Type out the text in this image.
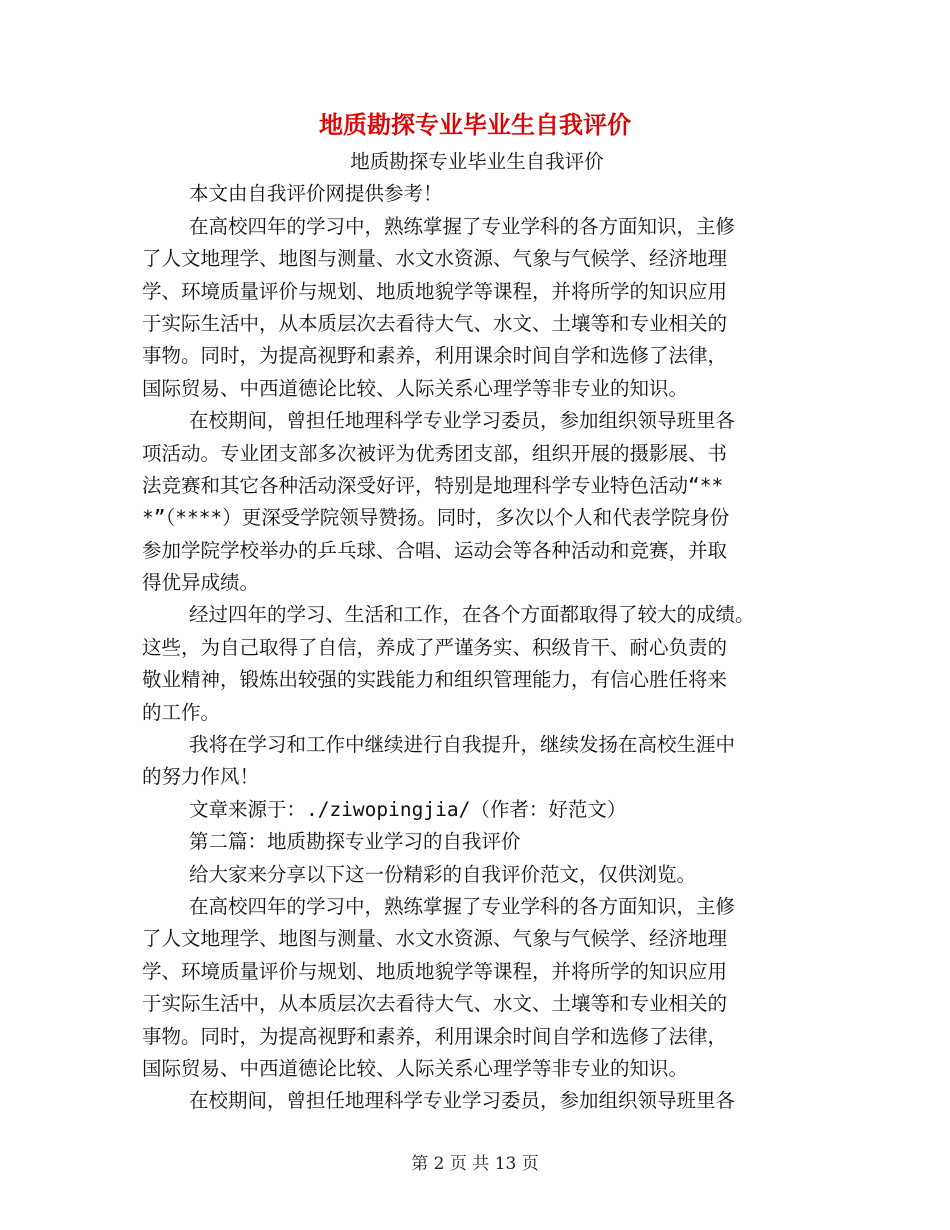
地质勘探专业毕业生自我评价

地质勘探专业毕业生自我评价

本文由自我评价网提供参考！

在高校四年的学习中，熟练掌握了专业学科的各方面知识，主修

了人文地理学、地图与测量、水文水资源、气象与气候学、经济地理

学、环境质量评价与规划、地质地貌学等课程，并将所学的知识应用

于实际生活中，从本质层次去看待大气、水文、土壤等和专业相关的

事物。同时，为提高视野和素养，利用课余时间自学和选修了法律，

国际贸易、中西道德论比较、人际关系心理学等非专业的知识。

在校期间，曾担任地理科学专业学习委员，参加组织领导班里各

项活动。专业团支部多次被评为优秀团支部，组织开展的摄影展、书

法竞赛和其它各种活动深受好评，特别是地理科学专业特色活动“**

*”（****）更深受学院领导赞扬。同时，多次以个人和代表学院身份

参加学院学校举办的乒乓球、合唱、运动会等各种活动和竞赛，并取

得优异成绩。

经过四年的学习、生活和工作，在各个方面都取得了较大的成绩。

这些，为自己取得了自信，养成了严谨务实、积级肯干、耐心负责的

敬业精神，锻炼出较强的实践能力和组织管理能力，有信心胜任将来

的工作。

我将在学习和工作中继续进行自我提升，继续发扬在高校生涯中

的努力作风！

文章来源于：./ziwopingjia/（作者：好范文）

第二篇：地质勘探专业学习的自我评价

给大家来分享以下这一份精彩的自我评价范文，仅供浏览。

在高校四年的学习中，熟练掌握了专业学科的各方面知识，主修

了人文地理学、地图与测量、水文水资源、气象与气候学、经济地理

学、环境质量评价与规划、地质地貌学等课程，并将所学的知识应用

于实际生活中，从本质层次去看待大气、水文、土壤等和专业相关的

事物。同时，为提高视野和素养，利用课余时间自学和选修了法律，

国际贸易、中西道德论比较、人际关系心理学等非专业的知识。

在校期间，曾担任地理科学专业学习委员，参加组织领导班里各

第 2 页 共 13 页
